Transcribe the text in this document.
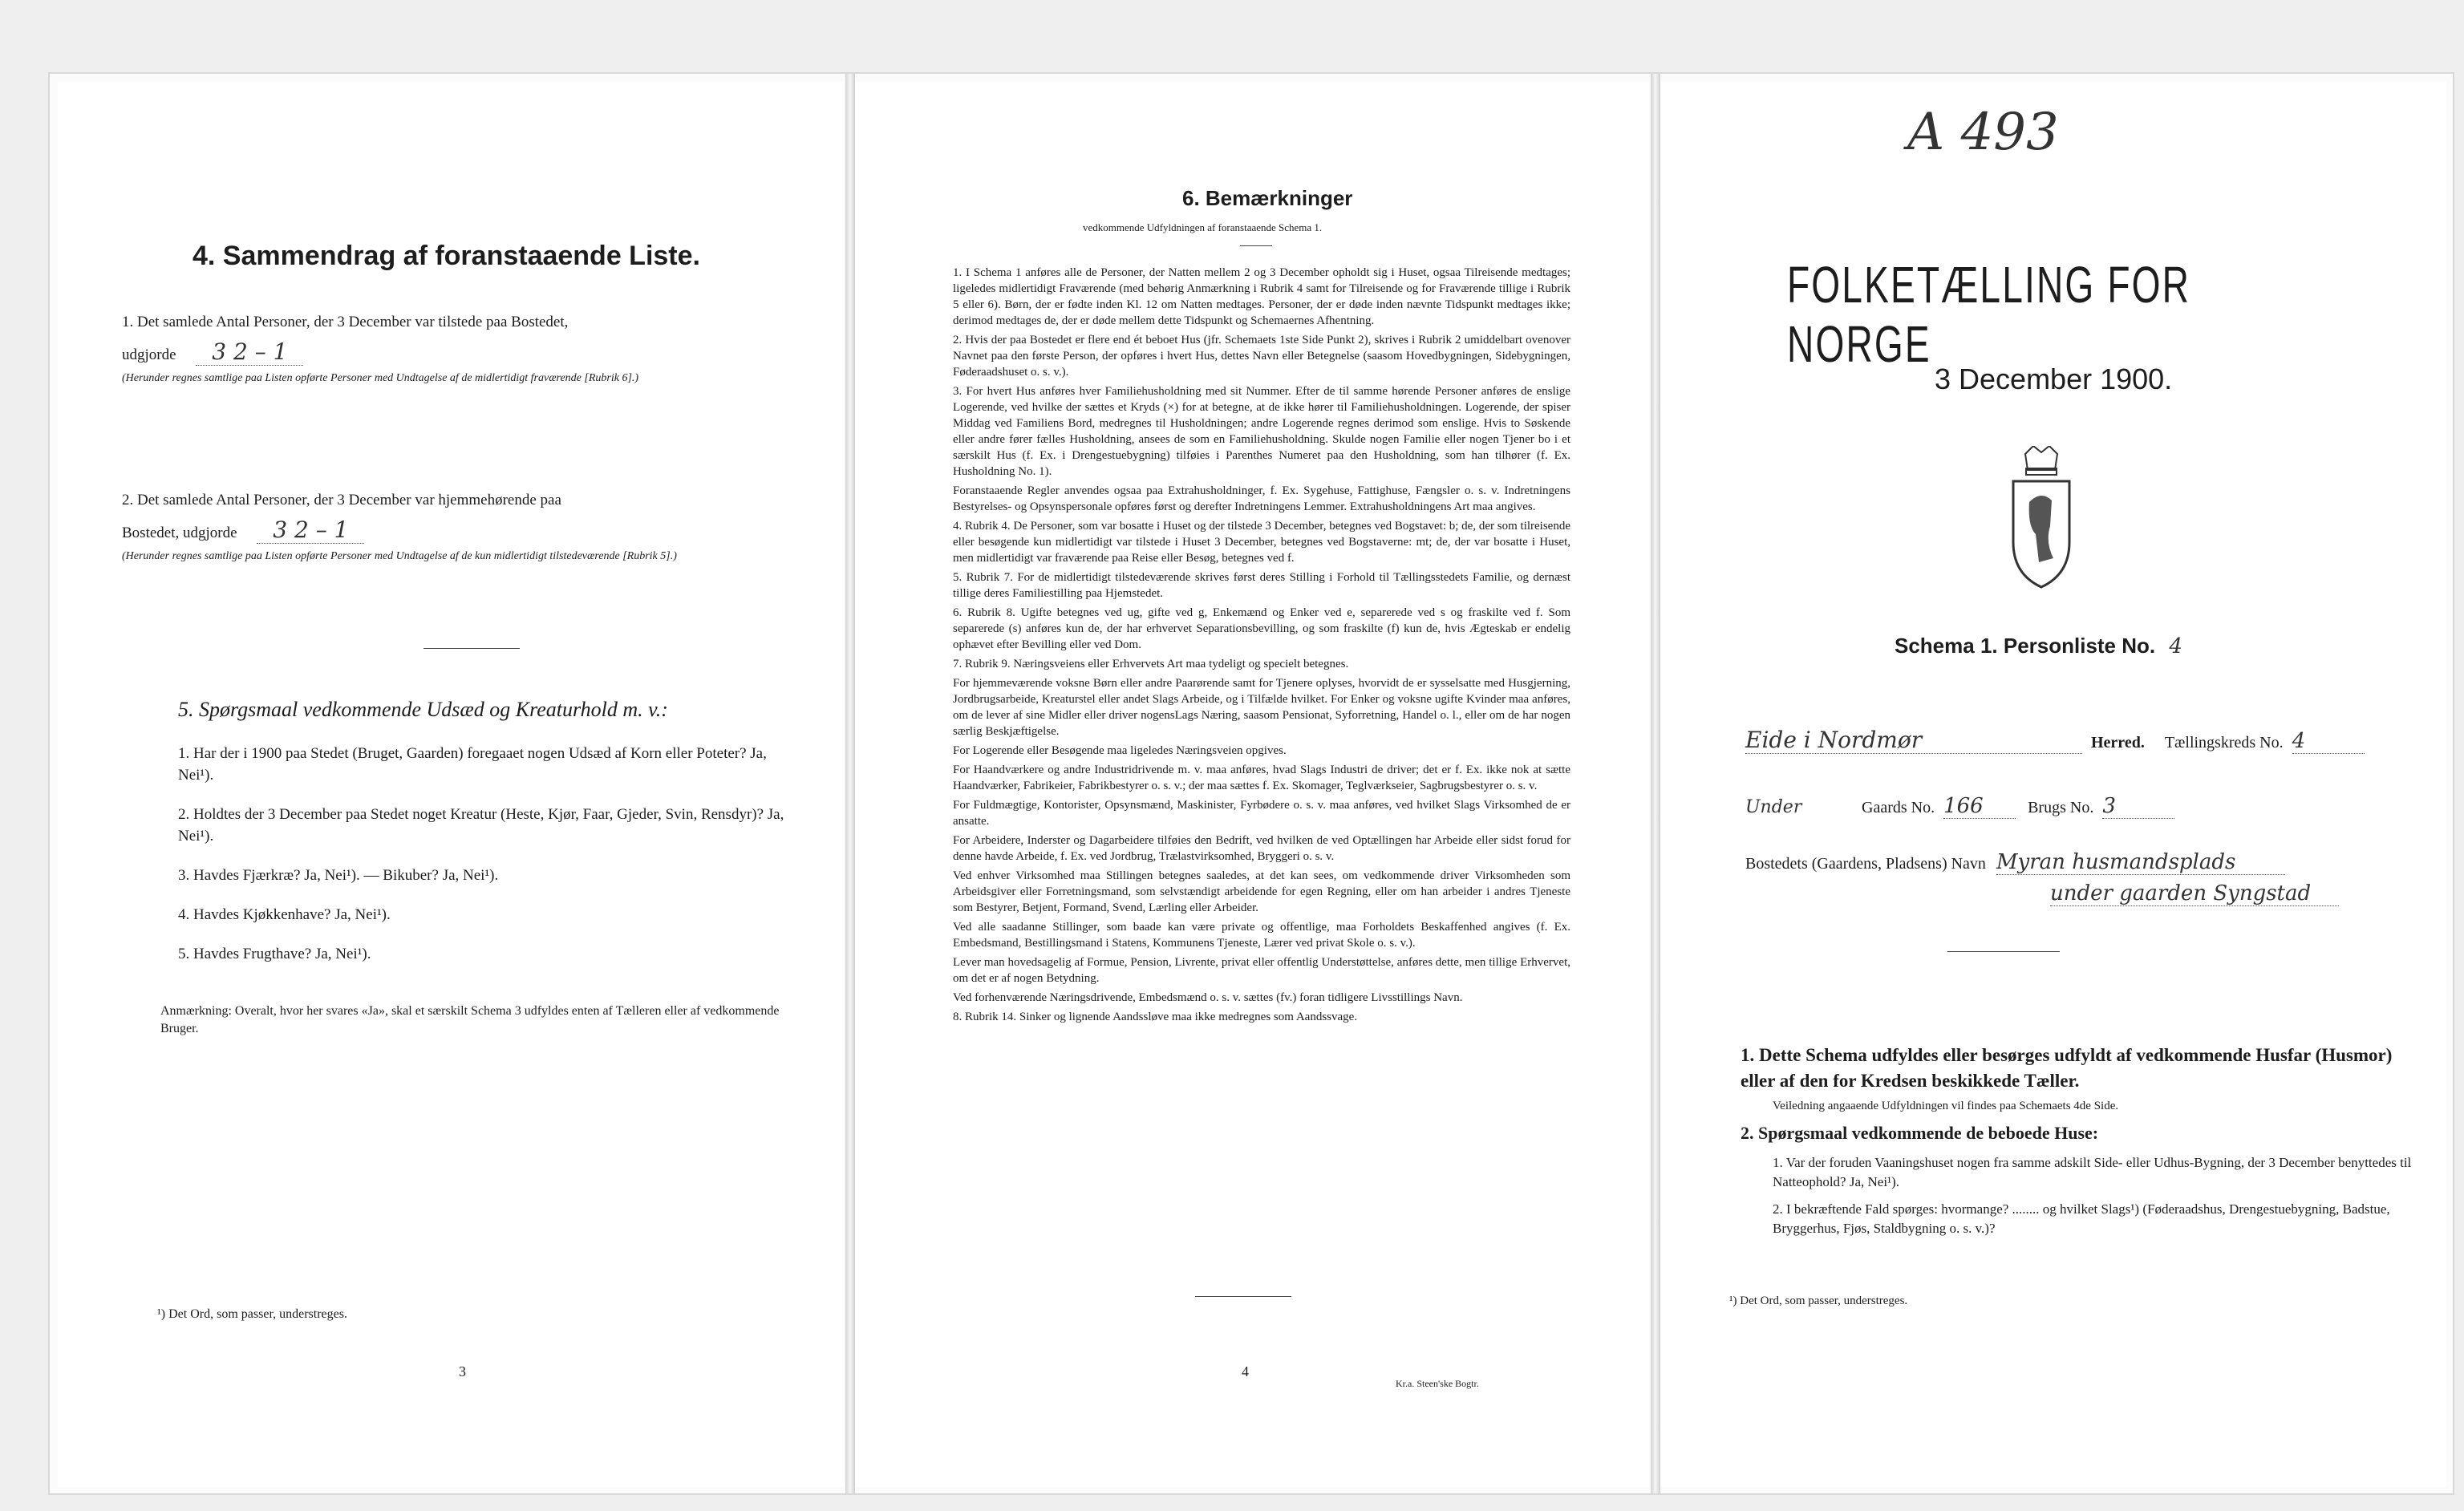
4. Sammendrag af foranstaaende Liste.
1. Det samlede Antal Personer, der 3 December var tilstede paa Bostedet,
udgjorde 3 2 – 1
(Herunder regnes samtlige paa Listen opførte Personer med Undtagelse af de midlertidigt fraværende [Rubrik 6].)
2. Det samlede Antal Personer, der 3 December var hjemmehørende paa
Bostedet, udgjorde 3 2 – 1
(Herunder regnes samtlige paa Listen opførte Personer med Undtagelse af de kun midlertidigt tilstedeværende [Rubrik 5].)
5. Spørgsmaal vedkommende Udsæd og Kreaturhold m. v.:
1. Har der i 1900 paa Stedet (Bruget, Gaarden) foregaaet nogen Udsæd af Korn eller Poteter? Ja, Nei¹).
2. Holdtes der 3 December paa Stedet noget Kreatur (Heste, Kjør, Faar, Gjeder, Svin, Rensdyr)? Ja, Nei¹).
3. Havdes Fjærkræ? Ja, Nei¹). — Bikuber? Ja, Nei¹).
4. Havdes Kjøkkenhave? Ja, Nei¹).
5. Havdes Frugthave? Ja, Nei¹).
Anmærkning: Overalt, hvor her svares «Ja», skal et særskilt Schema 3 udfyldes enten af Tælleren eller af vedkommende Bruger.
¹) Det Ord, som passer, understreges.
3
6. Bemærkninger
vedkommende Udfyldningen af foranstaaende Schema 1.

1. I Schema 1 anføres alle de Personer, der Natten mellem 2 og 3 December opholdt sig i Huset, ogsaa Tilreisende medtages; ligeledes midlertidigt Fraværende (med behørig Anmærkning i Rubrik 4 samt for Tilreisende og for Fraværende tillige i Rubrik 5 eller 6). Børn, der er fødte inden Kl. 12 om Natten medtages. Personer, der er døde inden nævnte Tidspunkt medtages ikke; derimod medtages de, der er døde mellem dette Tidspunkt og Schemaernes Afhentning.

2. Hvis der paa Bostedet er flere end ét beboet Hus (jfr. Schemaets 1ste Side Punkt 2), skrives i Rubrik 2 umiddelbart ovenover Navnet paa den første Person, der opføres i hvert Hus, dettes Navn eller Betegnelse (saasom Hovedbygningen, Sidebygningen, Føderaadshuset o. s. v.).

3. For hvert Hus anføres hver Familiehusholdning med sit Nummer. Efter de til samme hørende Personer anføres de enslige Logerende, ved hvilke der sættes et Kryds (×) for at betegne, at de ikke hører til Familiehusholdningen. Logerende, der spiser Middag ved Familiens Bord, medregnes til Husholdningen; andre Logerende regnes derimod som enslige. Hvis to Søskende eller andre fører fælles Husholdning, ansees de som en Familiehusholdning. Skulde nogen Familie eller nogen Tjener bo i et særskilt Hus (f. Ex. i Drengestuebygning) tilføies i Parenthes Numeret paa den Husholdning, som han tilhører (f. Ex. Husholdning No. 1).

Foranstaaende Regler anvendes ogsaa paa Extrahusholdninger, f. Ex. Sygehuse, Fattighuse, Fængsler o. s. v. Indretningens Bestyrelses- og Opsynspersonale opføres først og derefter Indretningens Lemmer. Extrahusholdningens Art maa angives.

4. Rubrik 4. De Personer, som var bosatte i Huset og der tilstede 3 December, betegnes ved Bogstavet: b; de, der som tilreisende eller besøgende kun midlertidigt var tilstede i Huset 3 December, betegnes ved Bogstaverne: mt; de, der var bosatte i Huset, men midlertidigt var fraværende paa Reise eller Besøg, betegnes ved f.

5. Rubrik 7. For de midlertidigt tilstedeværende skrives først deres Stilling i Forhold til Tællingsstedets Familie, og dernæst tillige deres Familiestilling paa Hjemstedet.

6. Rubrik 8. Ugifte betegnes ved ug, gifte ved g, Enkemænd og Enker ved e, separerede ved s og fraskilte ved f. Som separerede (s) anføres kun de, der har erhvervet Separationsbevilling, og som fraskilte (f) kun de, hvis Ægteskab er endelig ophævet efter Bevilling eller ved Dom.

7. Rubrik 9. Næringsveiens eller Erhvervets Art maa tydeligt og specielt betegnes.

For hjemmeværende voksne Børn eller andre Paarørende samt for Tjenere oplyses, hvorvidt de er sysselsatte med Husgjerning, Jordbrugsarbeide, Kreaturstel eller andet Slags Arbeide, og i Tilfælde hvilket. For Enker og voksne ugifte Kvinder maa anføres, om de lever af sine Midler eller driver nogensLags Næring, saasom Pensionat, Syforretning, Handel o. l., eller om de har nogen særlig Beskjæftigelse.

For Logerende eller Besøgende maa ligeledes Næringsveien opgives.

For Haandværkere og andre Industridrivende m. v. maa anføres, hvad Slags Industri de driver; det er f. Ex. ikke nok at sætte Haandværker, Fabrikeier, Fabrikbestyrer o. s. v.; der maa sættes f. Ex. Skomager, Teglværkseier, Sagbrugsbestyrer o. s. v.

For Fuldmægtige, Kontorister, Opsynsmænd, Maskinister, Fyrbødere o. s. v. maa anføres, ved hvilket Slags Virksomhed de er ansatte.

For Arbeidere, Inderster og Dagarbeidere tilføies den Bedrift, ved hvilken de ved Optællingen har Arbeide eller sidst forud for denne havde Arbeide, f. Ex. ved Jordbrug, Trælastvirksomhed, Bryggeri o. s. v.

Ved enhver Virksomhed maa Stillingen betegnes saaledes, at det kan sees, om vedkommende driver Virksomheden som Arbeidsgiver eller Forretningsmand, som selvstændigt arbeidende for egen Regning, eller om han arbeider i andres Tjeneste som Bestyrer, Betjent, Formand, Svend, Lærling eller Arbeider.

Ved alle saadanne Stillinger, som baade kan være private og offentlige, maa Forholdets Beskaffenhed angives (f. Ex. Embedsmand, Bestillingsmand i Statens, Kommunens Tjeneste, Lærer ved privat Skole o. s. v.).

Lever man hovedsagelig af Formue, Pension, Livrente, privat eller offentlig Understøttelse, anføres dette, men tillige Erhvervet, om det er af nogen Betydning.

Ved forhenværende Næringsdrivende, Embedsmænd o. s. v. sættes (fv.) foran tidligere Livsstillings Navn.

8. Rubrik 14. Sinker og lignende Aandssløve maa ikke medregnes som Aandssvage.

4
Kr.a. Steen'ske Bogtr.
A 493
FOLKETÆLLING FOR NORGE
3 December 1900.
Schema 1. Personliste No. 4
Eide i Nordmør	Herred. Tællingskreds No. 4
Under	Gaards No. 166	Brugs No. 3
Bostedets (Gaardens, Pladsens) Navn Myran husmandsplads
under gaarden Syngstad
1. Dette Schema udfyldes eller besørges udfyldt af vedkommende Husfar (Husmor) eller af den for Kredsen beskikkede Tæller.
Veiledning angaaende Udfyldningen vil findes paa Schemaets 4de Side.
2. Spørgsmaal vedkommende de beboede Huse:
1. Var der foruden Vaaningshuset nogen fra samme adskilt Side- eller Udhus-Bygning, der 3 December benyttedes til Natteophold? Ja, Nei¹).
2. I bekræftende Fald spørges: hvormange? ........ og hvilket Slags¹) (Føderaadshus, Drengestuebygning, Badstue, Bryggerhus, Fjøs, Staldbygning o. s. v.)?
¹) Det Ord, som passer, understreges.
